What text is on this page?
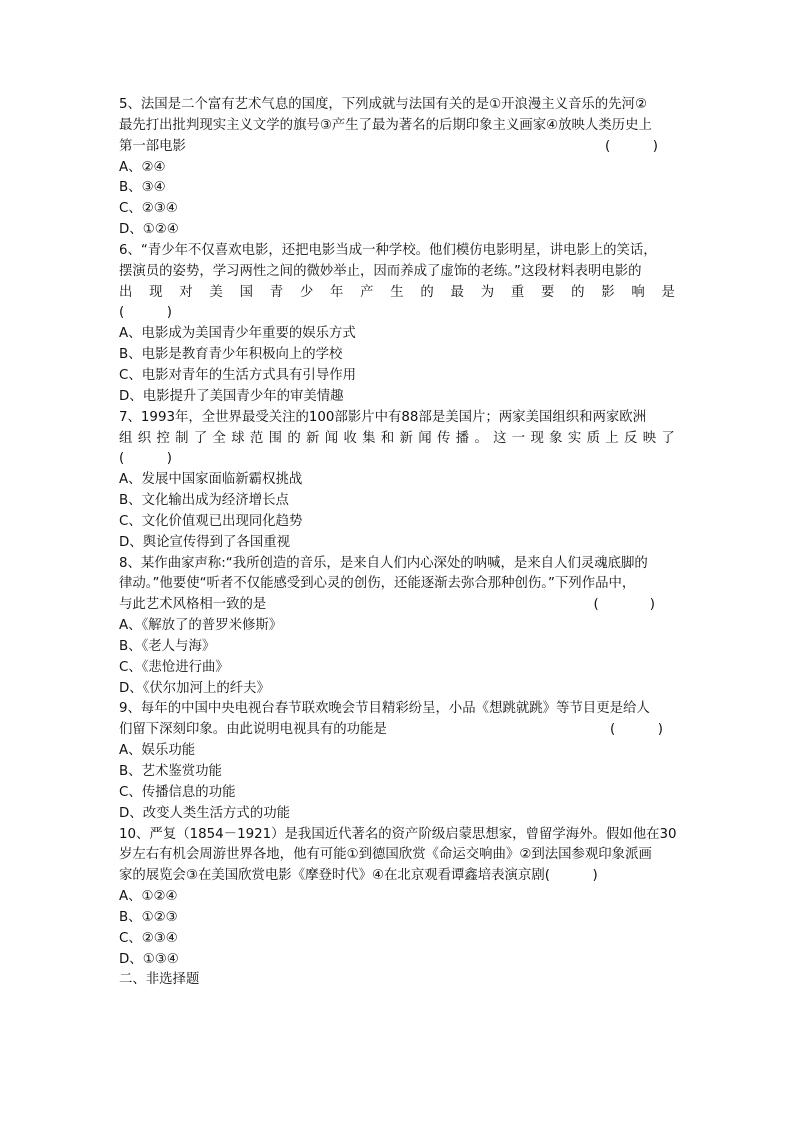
5、法国是二个富有艺术气息的国度，下列成就与法国有关的是①开浪漫主义音乐的先河②
最先打出批判现实主义文学的旗号③产生了最为著名的后期印象主义画家④放映人类历史上
第一部电影	(          )
A、②④
B、③④
C、②③④
D、①②④
6、“青少年不仅喜欢电影，还把电影当成一种学校。他们模仿电影明星，讲电影上的笑话，
摆演员的姿势，学习两性之间的微妙举止，因而养成了虚饰的老练。”这段材料表明电影的
出 现 对 美 国 青 少 年 产 生 的 最 为 重 要 的 影 响 是
(          )
A、电影成为美国青少年重要的娱乐方式
B、电影是教育青少年积极向上的学校
C、电影对青年的生活方式具有引导作用
D、电影提升了美国青少年的审美情趣
7、1993年，全世界最受关注的100部影片中有88部是美国片；两家美国组织和两家欧洲
组 织 控 制 了 全 球 范 围 的 新 闻 收 集 和 新 闻 传 播 。 这 一 现 象 实 质 上 反 映 了
(          )
A、发展中国家面临新霸权挑战
B、文化输出成为经济增长点
C、文化价值观已出现同化趋势
D、舆论宣传得到了各国重视
8、某作曲家声称:“我所创造的音乐，是来自人们内心深处的呐喊，是来自人们灵魂底脚的
律动。”他要使“听者不仅能感受到心灵的创伤，还能逐渐去弥合那种创伤。”下列作品中，
与此艺术风格相一致的是	(            )
A、《解放了的普罗米修斯》
B、《老人与海》
C、《悲怆进行曲》
D、《伏尔加河上的纤夫》
9、每年的中国中央电视台春节联欢晚会节目精彩纷呈，小品《想跳就跳》等节目更是给人
们留下深刻印象。由此说明电视具有的功能是	(          )
A、娱乐功能
B、艺术鉴赏功能
C、传播信息的功能
D、改变人类生活方式的功能
10、严复（1854－1921）是我国近代著名的资产阶级启蒙思想家，曾留学海外。假如他在30
岁左右有机会周游世界各地，他有可能①到德国欣赏《命运交响曲》②到法国参观印象派画
家的展览会③在美国欣赏电影《摩登时代》④在北京观看谭鑫培表演京剧 (          )
A、①②④
B、①②③
C、②③④
D、①③④
二、非选择题
